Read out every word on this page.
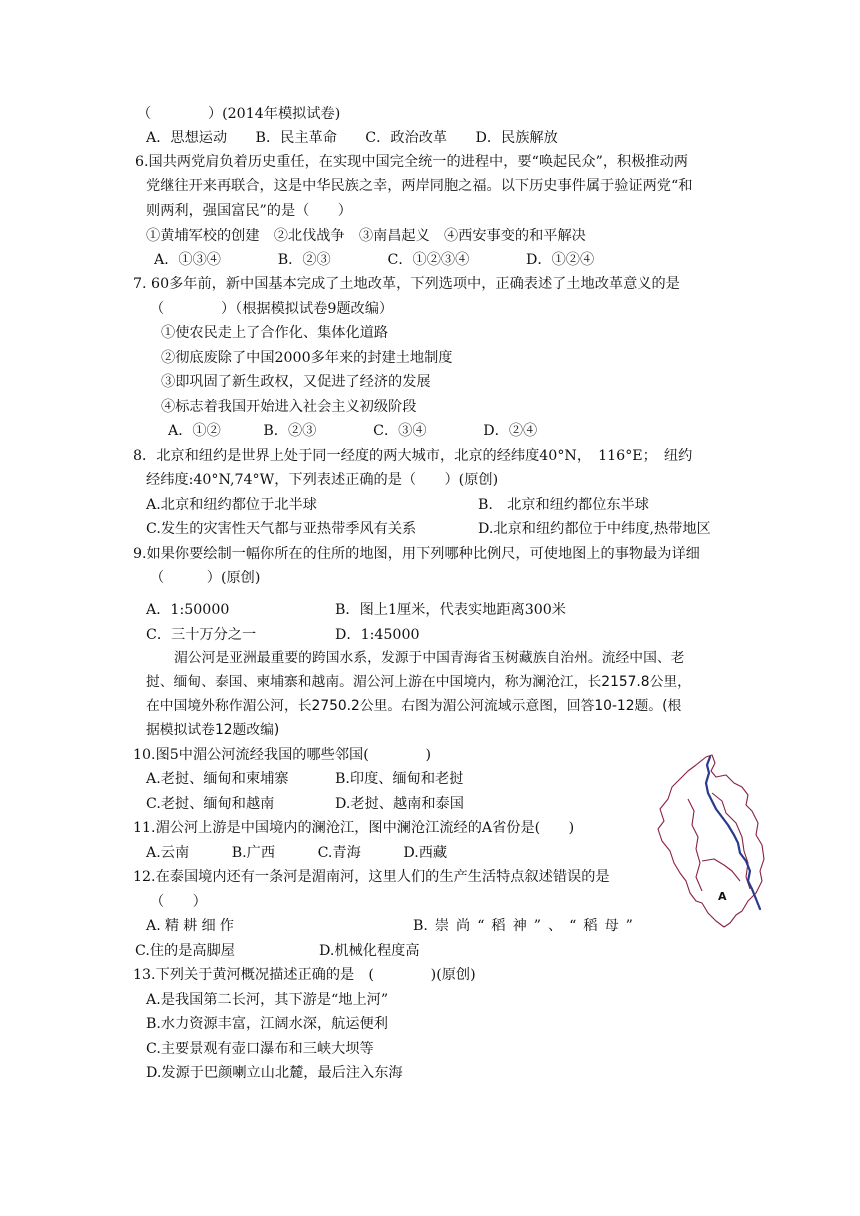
（　　　　）(2014年模拟试卷)
A．思想运动　　B．民主革命　　C．政治改革　　D．民族解放
6.国共两党肩负着历史重任，在实现中国完全统一的进程中，要“唤起民众”，积极推动两
党继往开来再联合，这是中华民族之幸，两岸同胞之福。以下历史事件属于验证两党“和
则两利，强国富民”的是（　　）
①黄埔军校的创建　②北伐战争　③南昌起义　④西安事变的和平解决
A．①③④　　　　B．②③　　　　C．①②③④　　　　D．①②④
7. 60多年前，新中国基本完成了土地改革，下列选项中，正确表述了土地改革意义的是
（　　　　）（根据模拟试卷9题改编）
①使农民走上了合作化、集体化道路
②彻底废除了中国2000多年来的封建土地制度
③即巩固了新生政权，又促进了经济的发展
④标志着我国开始进入社会主义初级阶段
A．①②　　　B．②③　　　　C．③④　　　　D．②④
8．北京和纽约是世界上处于同一经度的两大城市，北京的经纬度40°N，　116°E；　纽约
经纬度:40°N,74°W，下列表述正确的是（　　）(原创)
A.北京和纽约都位于北半球	B.　北京和纽约都位东半球
C.发生的灾害性天气都与亚热带季风有关系	D.北京和纽约都位于中纬度,热带地区
9.如果你要绘制一幅你所在的住所的地图，用下列哪种比例尺，可使地图上的事物最为详细
（　　　）(原创)
A．1:50000	B．图上1厘米，代表实地距离300米
C．三十万分之一	D．1:45000
湄公河是亚洲最重要的跨国水系，发源于中国青海省玉树藏族自治州。流经中国、老
挝、缅甸、泰国、柬埔寨和越南。湄公河上游在中国境内，称为澜沧江，长2157.8公里，
在中国境外称作湄公河，长2750.2公里。右图为湄公河流域示意图，回答10-12题。(根
据模拟试卷12题改编)
10.图5中湄公河流经我国的哪些邻国(　　　　)
A.老挝、缅甸和柬埔寨	B.印度、缅甸和老挝
C.老挝、缅甸和越南	D.老挝、越南和泰国
11.湄公河上游是中国境内的澜沧江，图中澜沧江流经的A省份是(　　)
A.云南　　　B.广西　　　C.青海　　　D.西藏
12.在泰国境内还有一条河是湄南河，这里人们的生产生活特点叙述错误的是
（　　）
A. 精 耕 细 作	B. 崇 尚 “ 稻 神 ” 、 “ 稻 母 ”
C.住的是高脚屋	D.机械化程度高
13.下列关于黄河概况描述正确的是　(　　　　)(原创)
A.是我国第二长河，其下游是“地上河”
B.水力资源丰富，江阔水深，航运便利
C.主要景观有壶口瀑布和三峡大坝等
D.发源于巴颜喇立山北麓，最后注入东海
A
